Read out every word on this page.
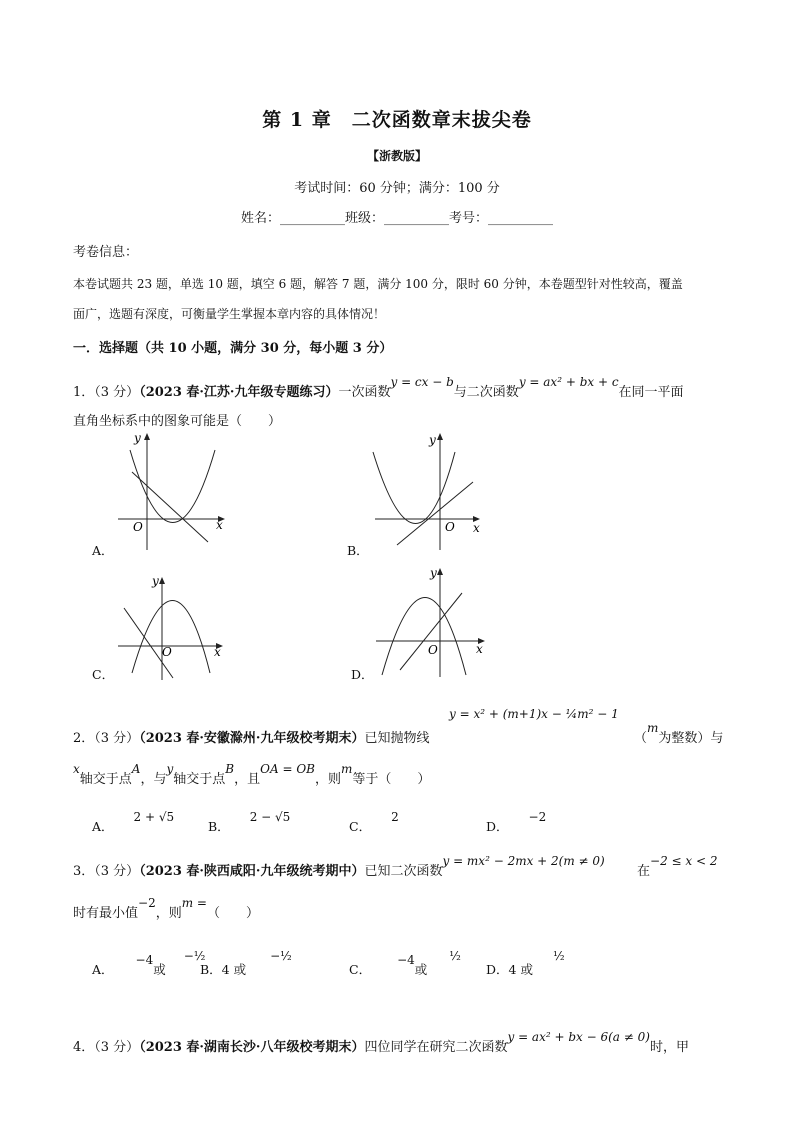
第 1 章　二次函数章末拔尖卷
【浙教版】
考试时间：60 分钟；满分：100 分
姓名：__________班级：__________考号：__________
考卷信息：
本卷试题共 23 题，单选 10 题，填空 6 题，解答 7 题，满分 100 分，限时 60 分钟，本卷题型针对性较高，覆盖
面广，选题有深度，可衡量学生掌握本章内容的具体情况！
一．选择题（共 10 小题，满分 30 分，每小题 3 分）
1．（3 分）（2023 春·江苏·九年级专题练习）一次函数y = cx − b与二次函数y = ax² + bx + c在同一平面
直角坐标系中的图象可能是（　　）
y
x
O
A．
y
x
O
B．
y
x
O
C．
y
x
O
D．
y = x² + (m+1)x − ¼m² − 1
2．（3 分）（2023 春·安徽滁州·九年级校考期末）已知抛物线	（m为整数）与
x轴交于点A，与y轴交于点B，且OA = OB，则m等于（　　）
A．2 + √5
B．2 − √5
C．2
D．−2
3．（3 分）（2023 春·陕西咸阳·九年级统考期中）已知二次函数y = mx² − 2mx + 2(m ≠ 0)
在−2 ≤ x < 2
时有最小值−2，则m =（　　）
A．−4或−½
B．4 或−½
C．−4或½
D．4 或½
4．（3 分）（2023 春·湖南长沙·八年级校考期末）四位同学在研究二次函数y = ax² + bx − 6(a ≠ 0)时，甲
